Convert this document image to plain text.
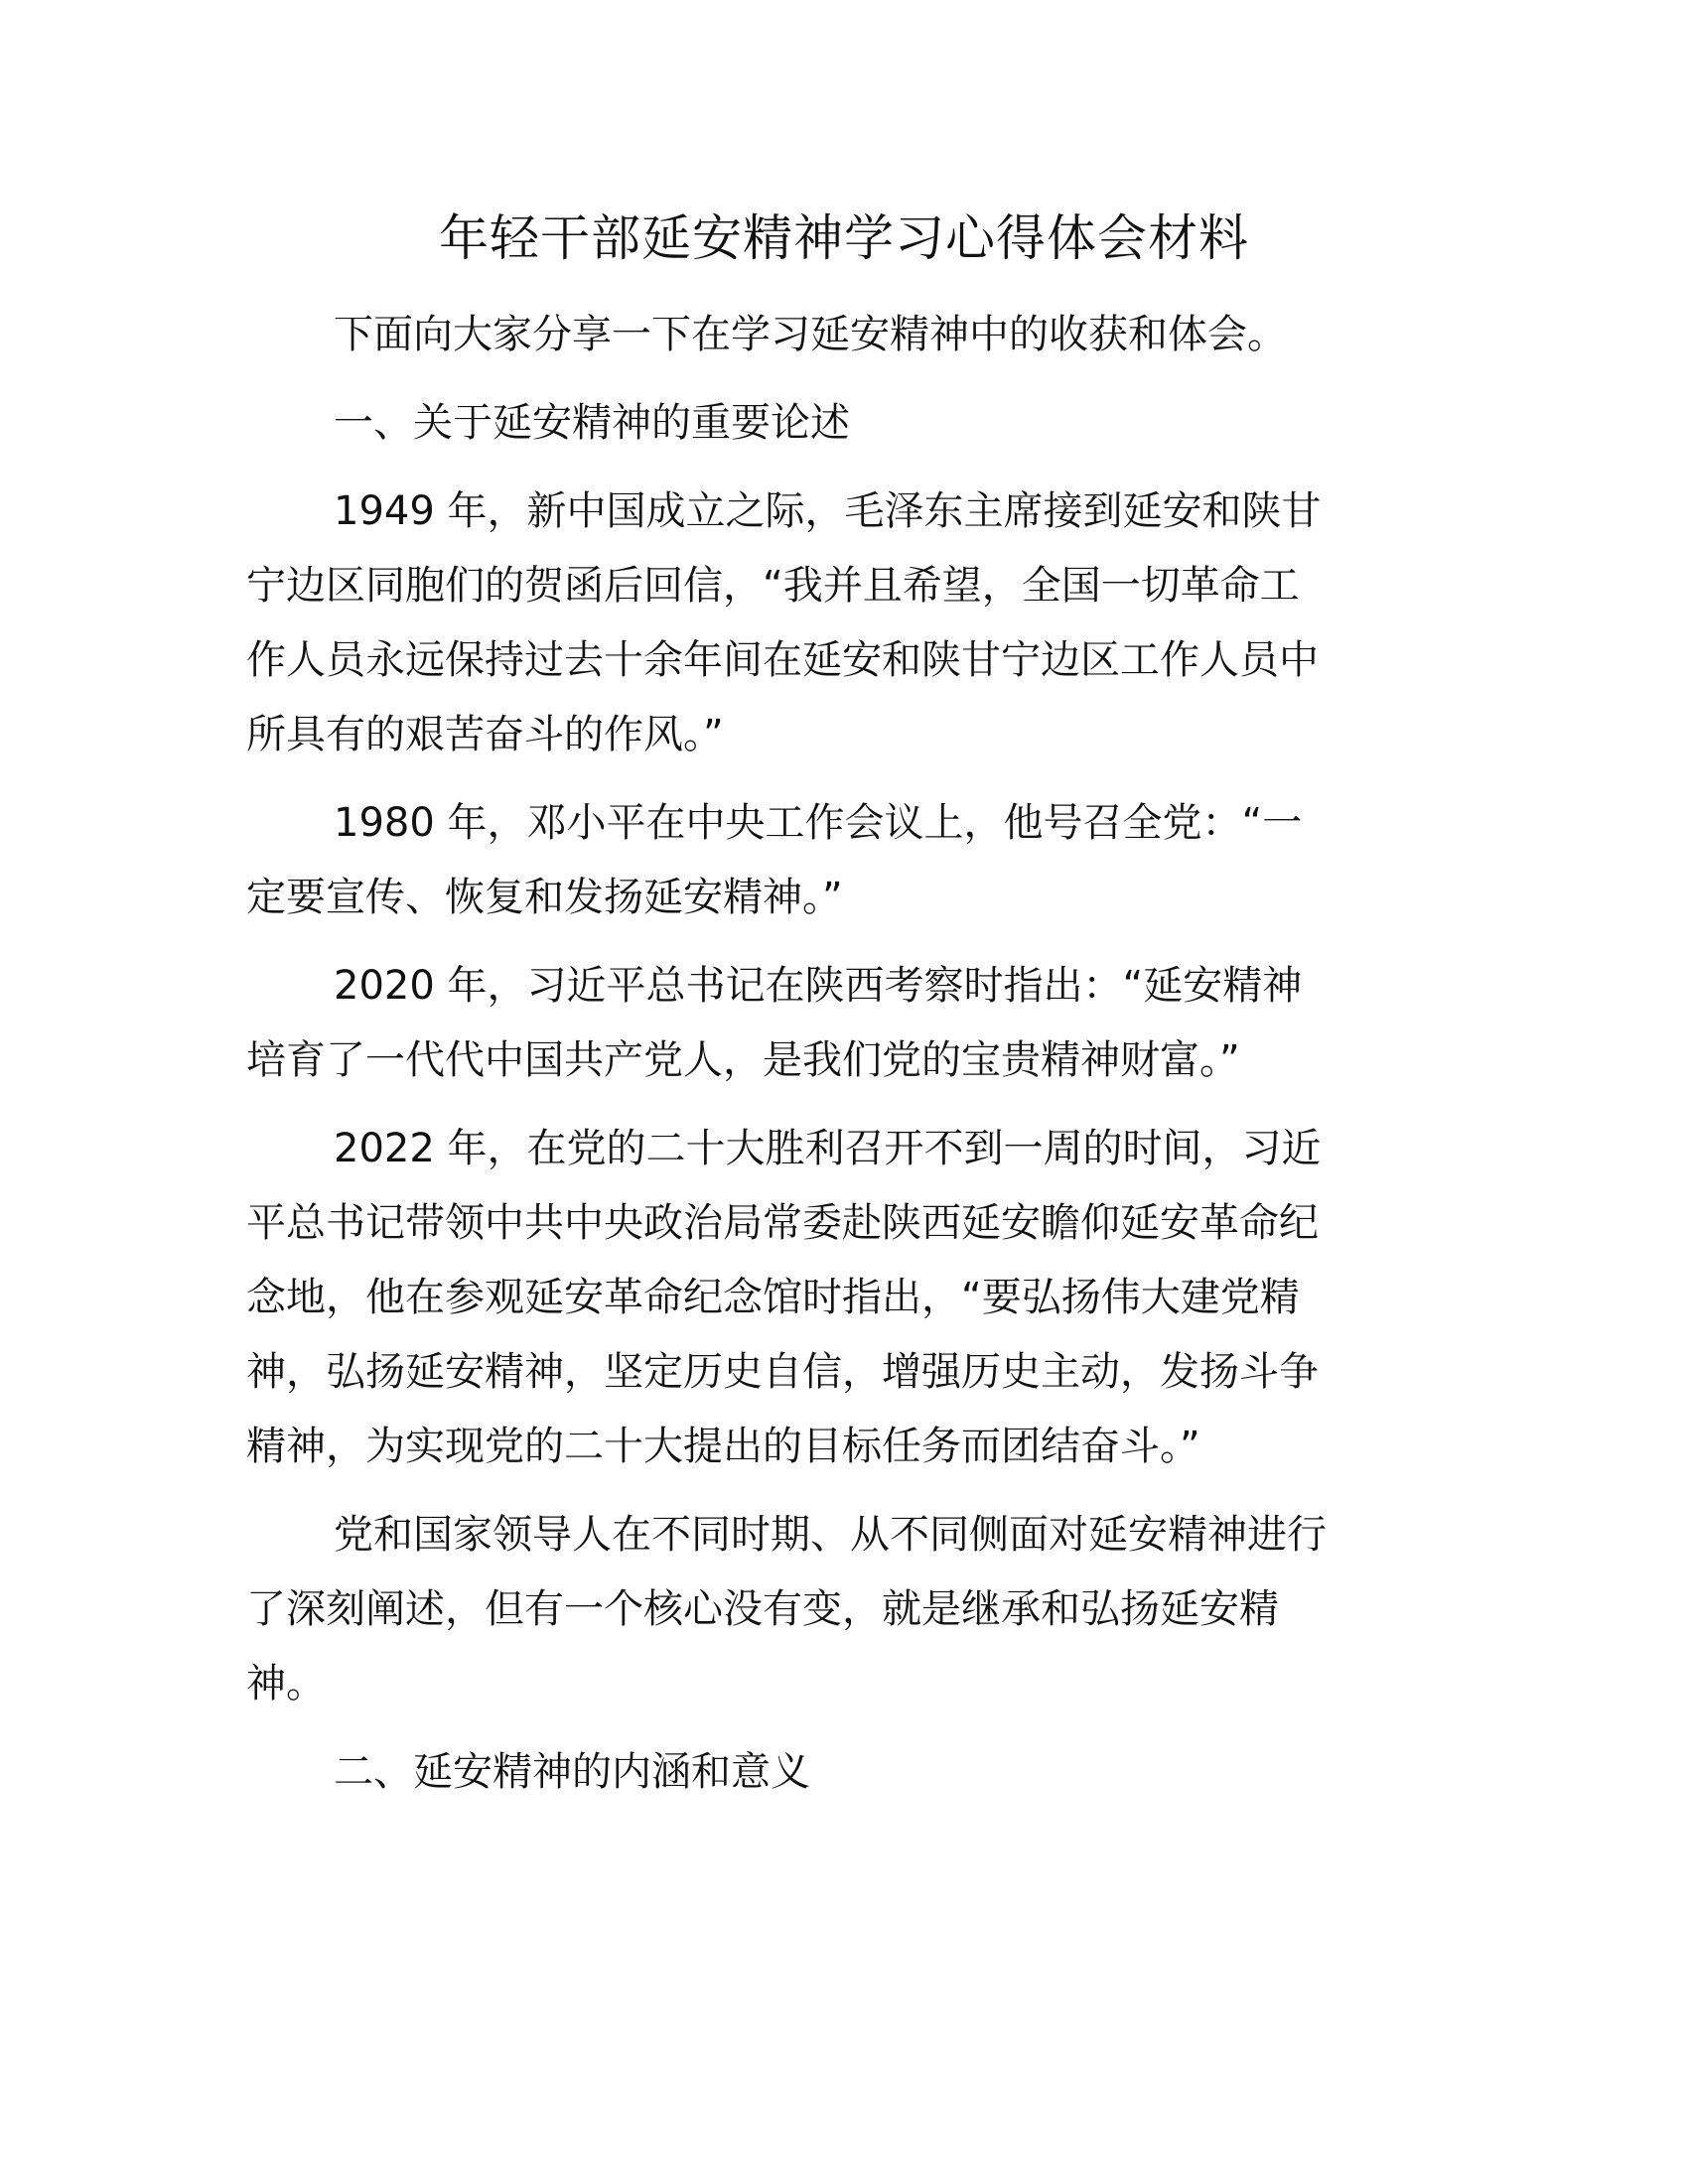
年轻干部延安精神学习心得体会材料

下面向大家分享一下在学习延安精神中的收获和体会。

一、关于延安精神的重要论述

1949 年，新中国成立之际，毛泽东主席接到延安和陕甘
宁边区同胞们的贺函后回信，“我并且希望，全国一切革命工
作人员永远保持过去十余年间在延安和陕甘宁边区工作人员中
所具有的艰苦奋斗的作风。”

1980 年，邓小平在中央工作会议上，他号召全党：“一
定要宣传、恢复和发扬延安精神。”

2020 年，习近平总书记在陕西考察时指出：“延安精神
培育了一代代中国共产党人，是我们党的宝贵精神财富。”

2022 年，在党的二十大胜利召开不到一周的时间，习近
平总书记带领中共中央政治局常委赴陕西延安瞻仰延安革命纪
念地，他在参观延安革命纪念馆时指出，“要弘扬伟大建党精
神，弘扬延安精神，坚定历史自信，增强历史主动，发扬斗争
精神，为实现党的二十大提出的目标任务而团结奋斗。”

党和国家领导人在不同时期、从不同侧面对延安精神进行
了深刻阐述，但有一个核心没有变，就是继承和弘扬延安精
神。

二、延安精神的内涵和意义
